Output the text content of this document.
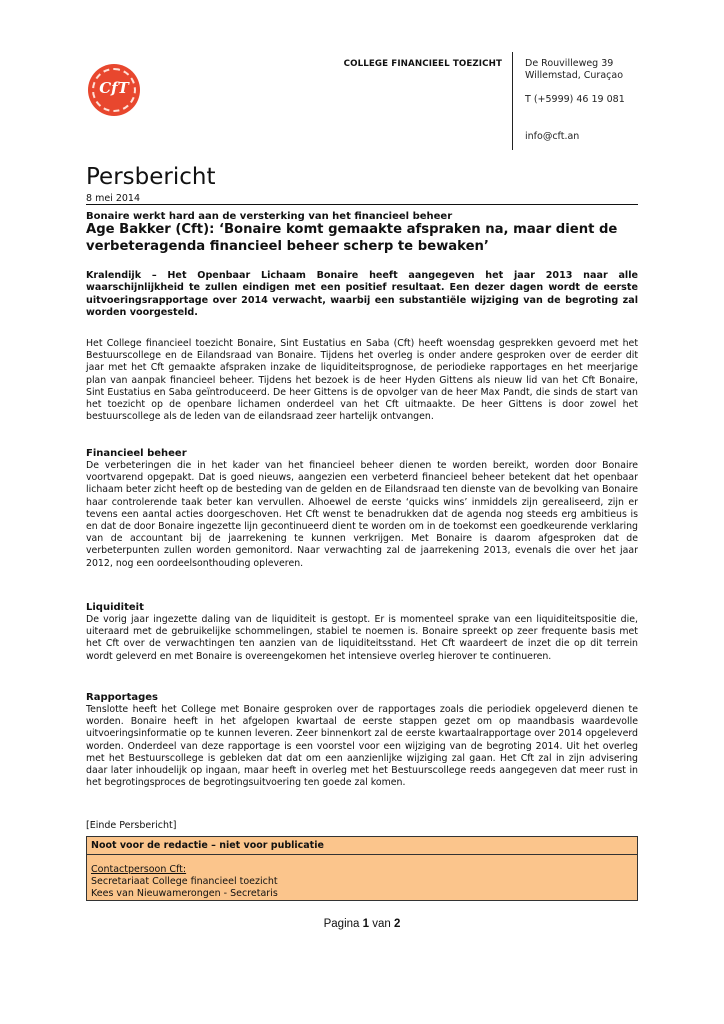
CfT
COLLEGE FINANCIEEL TOEZICHT De Rouvilleweg 39
Willemstad, Curaçao
T (+5999) 46 19 081
info@cft.an
Persbericht
8 mei 2014
Bonaire werkt hard aan de versterking van het financieel beheer
Age Bakker (Cft): ‘Bonaire komt gemaakte afspraken na, maar dient de verbeteragenda financieel beheer scherp te bewaken’
Kralendijk – Het Openbaar Lichaam Bonaire heeft aangegeven het jaar 2013 naar alle waarschijnlijkheid te zullen eindigen met een positief resultaat. Een dezer dagen wordt de eerste uitvoeringsrapportage over 2014 verwacht, waarbij een substantiële wijziging van de begroting zal worden voorgesteld.
Het College financieel toezicht Bonaire, Sint Eustatius en Saba (Cft) heeft woensdag gesprekken gevoerd met het Bestuurscollege en de Eilandsraad van Bonaire. Tijdens het overleg is onder andere gesproken over de eerder dit jaar met het Cft gemaakte afspraken inzake de liquiditeitsprognose, de periodieke rapportages en het meerjarige plan van aanpak financieel beheer. Tijdens het bezoek is de heer Hyden Gittens als nieuw lid van het Cft Bonaire, Sint Eustatius en Saba geïntroduceerd. De heer Gittens is de opvolger van de heer Max Pandt, die sinds de start van het toezicht op de openbare lichamen onderdeel van het Cft uitmaakte. De heer Gittens is door zowel het bestuurscollege als de leden van de eilandsraad zeer hartelijk ontvangen.
Financieel beheer
De verbeteringen die in het kader van het financieel beheer dienen te worden bereikt, worden door Bonaire voortvarend opgepakt. Dat is goed nieuws, aangezien een verbeterd financieel beheer betekent dat het openbaar lichaam beter zicht heeft op de besteding van de gelden en de Eilandsraad ten dienste van de bevolking van Bonaire haar controlerende taak beter kan vervullen. Alhoewel de eerste ‘quicks wins’ inmiddels zijn gerealiseerd, zijn er tevens een aantal acties doorgeschoven. Het Cft wenst te benadrukken dat de agenda nog steeds erg ambitieus is en dat de door Bonaire ingezette lijn gecontinueerd dient te worden om in de toekomst een goedkeurende verklaring van de accountant bij de jaarrekening te kunnen verkrijgen. Met Bonaire is daarom afgesproken dat de verbeterpunten zullen worden gemonitord. Naar verwachting zal de jaarrekening 2013, evenals die over het jaar 2012, nog een oordeelsonthouding opleveren.
Liquiditeit
De vorig jaar ingezette daling van de liquiditeit is gestopt. Er is momenteel sprake van een liquiditeitspositie die, uiteraard met de gebruikelijke schommelingen, stabiel te noemen is. Bonaire spreekt op zeer frequente basis met het Cft over de verwachtingen ten aanzien van de liquiditeitsstand. Het Cft waardeert de inzet die op dit terrein wordt geleverd en met Bonaire is overeengekomen het intensieve overleg hierover te continueren.
Rapportages
Tenslotte heeft het College met Bonaire gesproken over de rapportages zoals die periodiek opgeleverd dienen te worden. Bonaire heeft in het afgelopen kwartaal de eerste stappen gezet om op maandbasis waardevolle uitvoeringsinformatie op te kunnen leveren. Zeer binnenkort zal de eerste kwartaalrapportage over 2014 opgeleverd worden. Onderdeel van deze rapportage is een voorstel voor een wijziging van de begroting 2014. Uit het overleg met het Bestuurscollege is gebleken dat dat om een aanzienlijke wijziging zal gaan. Het Cft zal in zijn advisering daar later inhoudelijk op ingaan, maar heeft in overleg met het Bestuurscollege reeds aangegeven dat meer rust in het begrotingsproces de begrotingsuitvoering ten goede zal komen.
[Einde Persbericht]
Noot voor de redactie – niet voor publicatie
Contactpersoon Cft:
Secretariaat College financieel toezicht
Kees van Nieuwamerongen - Secretaris
Pagina 1 van 2
